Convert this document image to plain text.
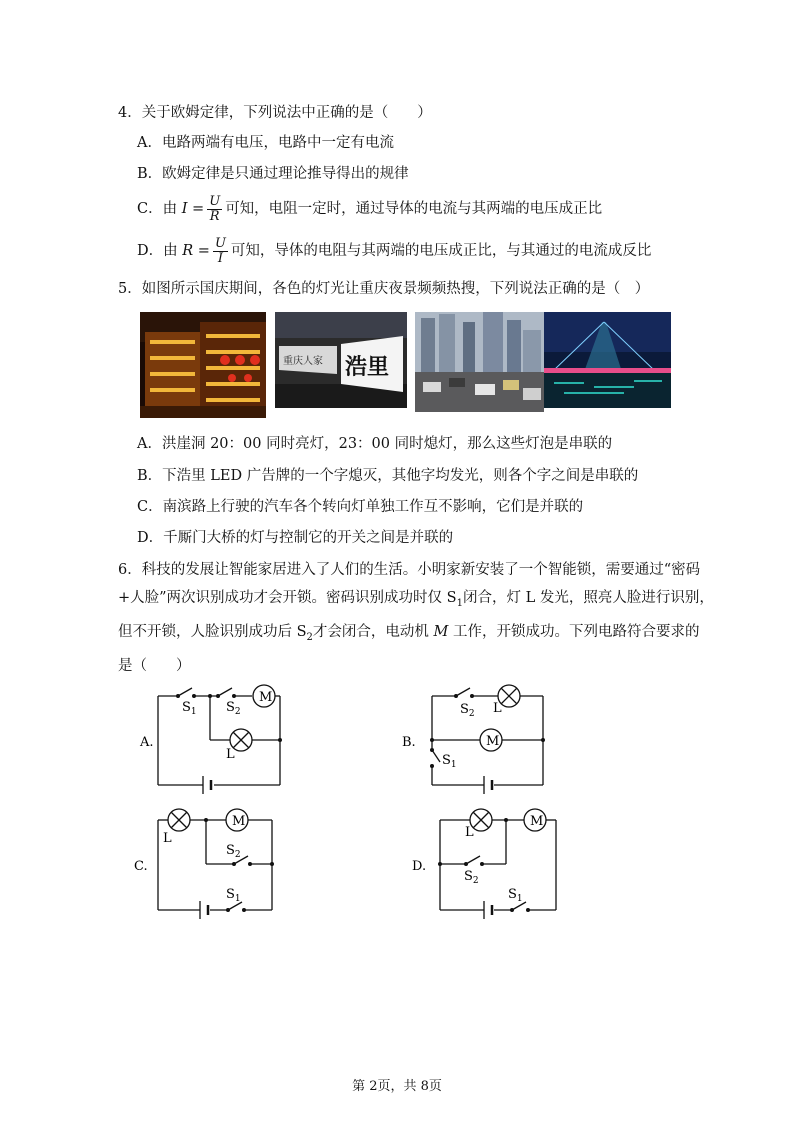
4．关于欧姆定律，下列说法中正确的是（　　）
A．电路两端有电压，电路中一定有电流
B．欧姆定律是只通过理论推导得出的规律
C．由 $I = \frac{U}{R}$ 可知，电阻一定时，通过导体的电流与其两端的电压成正比
D．由 $R = \frac{U}{I}$ 可知，导体的电阻与其两端的电压成正比，与其通过的电流成反比
5．如图所示国庆期间，各色的灯光让重庆夜景频频热搜，下列说法正确的是（　）
重庆人家 浩里
A．洪崖洞 20：00 同时亮灯，23：00 同时熄灯，那么这些灯泡是串联的
B．下浩里 LED 广告牌的一个字熄灭，其他字均发光，则各个字之间是串联的
C．南滨路上行驶的汽车各个转向灯单独工作互不影响，它们是并联的
D．千厮门大桥的灯与控制它的开关之间是并联的

6．科技的发展让智能家居进入了人们的生活。小明家新安装了一个智能锁，需要通过“密码

+人脸”两次识别成功才会开锁。密码识别成功时仅 $S_1$闭合，灯 L 发光，照亮人脸进行识别，

但不开锁，人脸识别成功后 $S_2$才会闭合，电动机 M 工作，开锁成功。下列电路符合要求的

是（　　）

M
$S_1$ $S_2$
L
A.	M
$S_2$ L
$S_1$
B.
M
L
$S_2$
$S_1$
C.
M
L
$S_2$
$S_1$
D.
第 2页，共 8页
